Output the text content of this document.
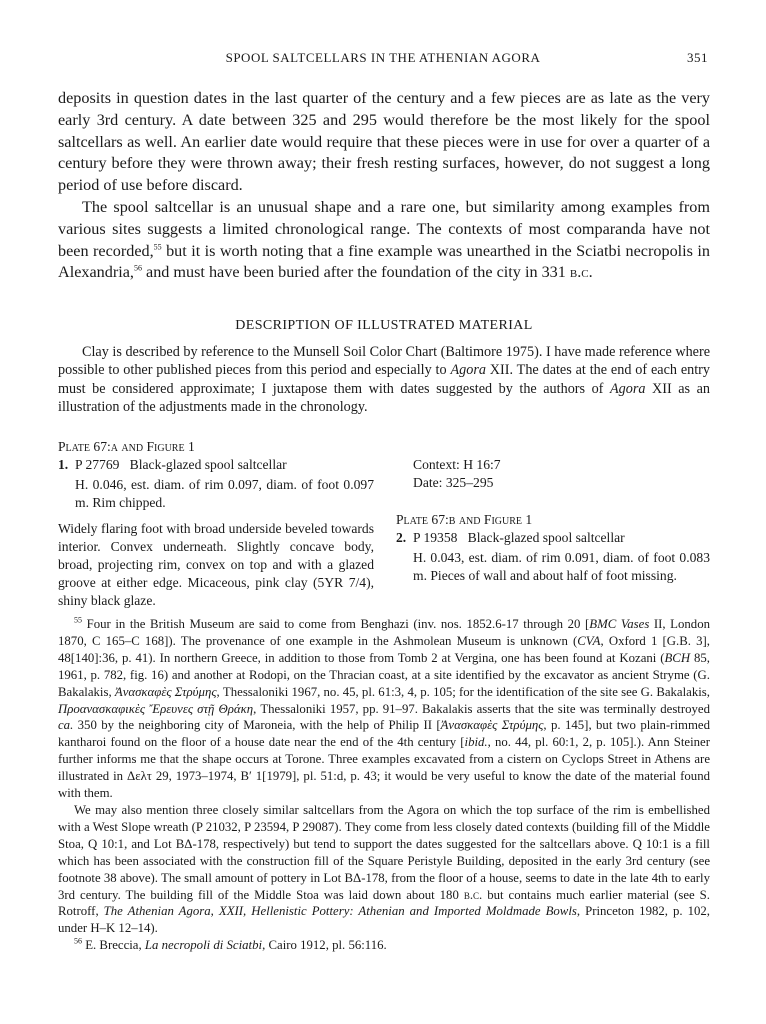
SPOOL SALTCELLARS IN THE ATHENIAN AGORA	351

deposits in question dates in the last quarter of the century and a few pieces are as late as the very early 3rd century. A date between 325 and 295 would therefore be the most likely for the spool saltcellars as well. An earlier date would require that these pieces were in use for over a quarter of a century before they were thrown away; their fresh resting surfaces, however, do not suggest a long period of use before discard.

The spool saltcellar is an unusual shape and a rare one, but similarity among examples from various sites suggests a limited chronological range. The contexts of most comparanda have not been recorded,$^{55}$ but it is worth noting that a fine example was unearthed in the Sciatbi necropolis in Alexandria,$^{56}$ and must have been buried after the foundation of the city in 331 b.c.

DESCRIPTION OF ILLUSTRATED MATERIAL

Clay is described by reference to the Munsell Soil Color Chart (Baltimore 1975). I have made reference where possible to other published pieces from this period and especially to Agora XII. The dates at the end of each entry must be considered approximate; I juxtapose them with dates suggested by the authors of Agora XII as an illustration of the adjustments made in the chronology.

Plate 67:a and Figure 1

1. P 27769 Black-glazed spool saltcellar

H. 0.046, est. diam. of rim 0.097, diam. of foot 0.097 m. Rim chipped.

Widely flaring foot with broad underside beveled towards interior. Convex underneath. Slightly concave body, broad, projecting rim, convex on top and with a glazed groove at either edge. Micaceous, pink clay (5YR 7/4), shiny black glaze.

Context: H 16:7

Date: 325–295

Plate 67:b and Figure 1

2. P 19358 Black-glazed spool saltcellar

H. 0.043, est. diam. of rim 0.091, diam. of foot 0.083 m. Pieces of wall and about half of foot missing.

$^{55}$ Four in the British Museum are said to come from Benghazi (inv. nos. 1852.6-17 through 20 [BMC Vases II, London 1870, C 165–C 168]). The provenance of one example in the Ashmolean Museum is unknown (CVA, Oxford 1 [G.B. 3], 48[140]:36, p. 41). In northern Greece, in addition to those from Tomb 2 at Vergina, one has been found at Kozani (BCH 85, 1961, p. 782, fig. 16) and another at Rodopi, on the Thracian coast, at a site identified by the excavator as ancient Stryme (G. Bakalakis, Ἀνασκαφὲς Στρύμης, Thessaloniki 1967, no. 45, pl. 61:3, 4, p. 105; for the identification of the site see G. Bakalakis, Προανασκαφικὲς Ἔρευνες στῇ Θράκη, Thessaloniki 1957, pp. 91–97. Bakalakis asserts that the site was terminally destroyed ca. 350 by the neighboring city of Maroneia, with the help of Philip II [Ἀνασκαφὲς Στρύμης, p. 145], but two plain-rimmed kantharoi found on the floor of a house date near the end of the 4th century [ibid., no. 44, pl. 60:1, 2, p. 105].). Ann Steiner further informs me that the shape occurs at Torone. Three examples excavated from a cistern on Cyclops Street in Athens are illustrated in Δελτ 29, 1973–1974, Βʹ 1[1979], pl. 51:d, p. 43; it would be very useful to know the date of the material found with them.

We may also mention three closely similar saltcellars from the Agora on which the top surface of the rim is embellished with a West Slope wreath (P 21032, P 23594, P 29087). They come from less closely dated contexts (building fill of the Middle Stoa, Q 10:1, and Lot BΔ-178, respectively) but tend to support the dates suggested for the saltcellars above. Q 10:1 is a fill which has been associated with the construction fill of the Square Peristyle Building, deposited in the early 3rd century (see footnote 38 above). The small amount of pottery in Lot BΔ-178, from the floor of a house, seems to date in the late 4th to early 3rd century. The building fill of the Middle Stoa was laid down about 180 b.c. but contains much earlier material (see S. Rotroff, The Athenian Agora, XXII, Hellenistic Pottery: Athenian and Imported Moldmade Bowls, Princeton 1982, p. 102, under H–K 12–14).

$^{56}$ E. Breccia, La necropoli di Sciatbi, Cairo 1912, pl. 56:116.
